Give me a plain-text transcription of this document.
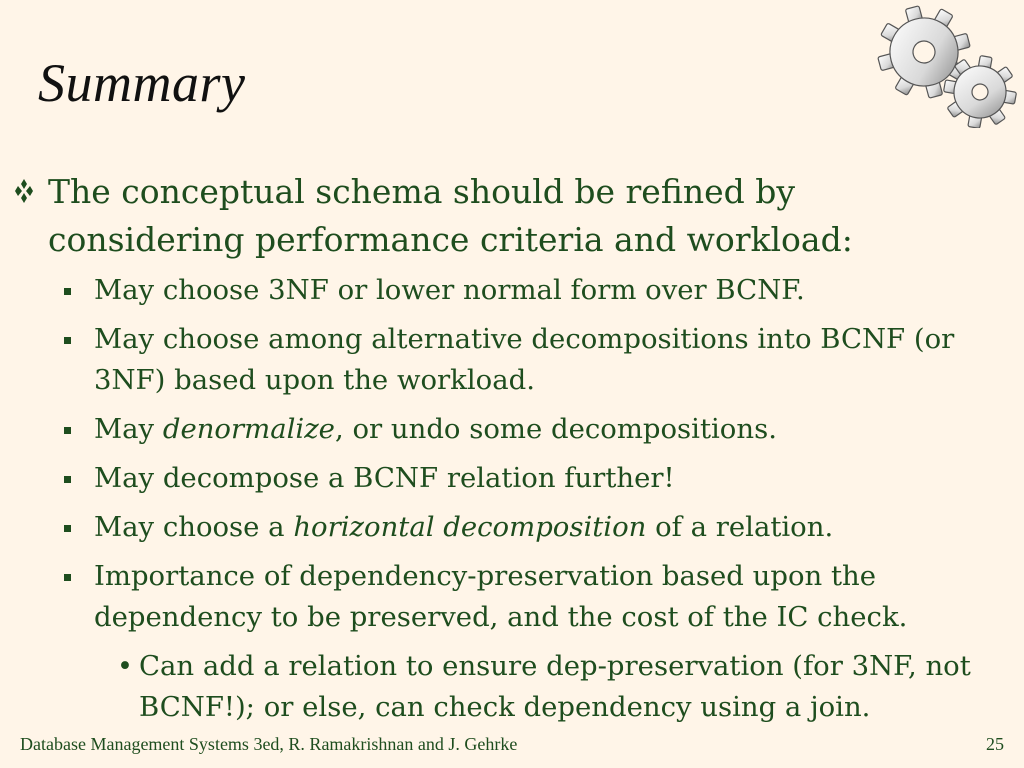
Summary
The conceptual schema should be refined by considering performance criteria and workload:
May choose 3NF or lower normal form over BCNF.
May choose among alternative decompositions into BCNF (or 3NF) based upon the workload.
May denormalize, or undo some decompositions.
May decompose a BCNF relation further!
May choose a horizontal decomposition of a relation.
Importance of dependency-preservation based upon the dependency to be preserved, and the cost of the IC check.
• Can add a relation to ensure dep-preservation (for 3NF, not BCNF!); or else, can check dependency using a join.
Database Management Systems 3ed, R. Ramakrishnan and J. Gehrke	25
